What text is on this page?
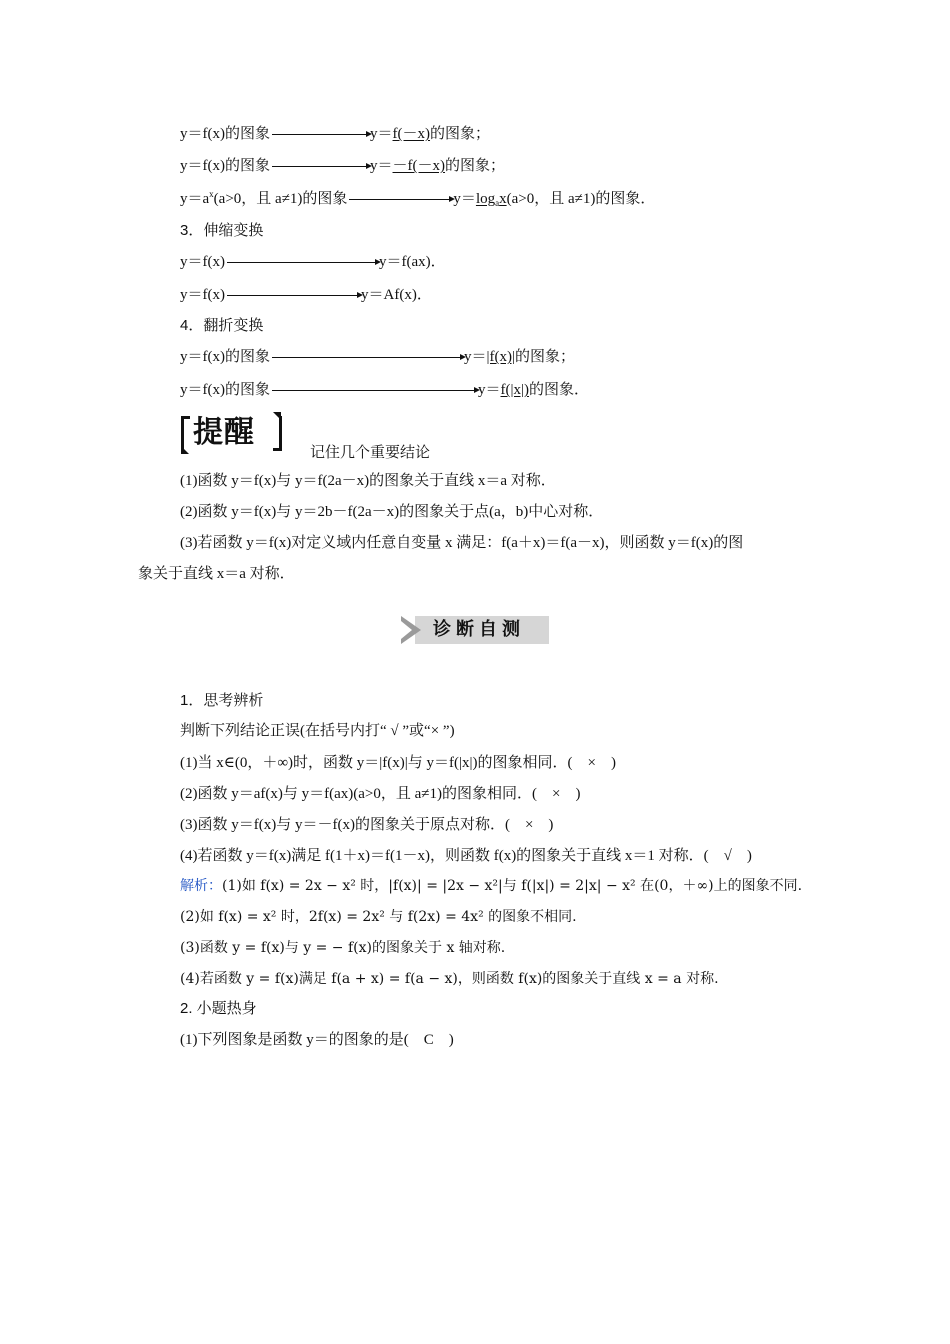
y＝f(x)的图象	y＝f(－x)的图象；
y＝f(x)的图象	y＝－f(－x)的图象；
$y=a^x(a>0$，且 a≠1)的图象	$y=\log_ax(a>0$，且 a≠1)的图象．
3．伸缩变换
y＝f(x)	y＝f(ax)．
y＝f(x)	y＝Af(x)．
4．翻折变换
y＝f(x)的图象	y＝|f(x)|的图象；
y＝f(x)的图象	y＝f(|x|)的图象．
提醒
记住几个重要结论
(1)函数 y＝f(x)与 y＝f(2a－x)的图象关于直线 x＝a 对称．
(2)函数 y＝f(x)与 y＝2b－f(2a－x)的图象关于点(a，b)中心对称．
(3)若函数 y＝f(x)对定义域内任意自变量 x 满足：f(a＋x)＝f(a－x)，则函数 y＝f(x)的图
象关于直线 x＝a 对称．
诊断自测
1．思考辨析
判断下列结论正误(在括号内打“ √ ”或“× ”)
(1)当 x∈(0，＋∞)时，函数 y＝|f(x)|与 y＝f(|x|)的图象相同．(　×　)
(2)函数 y＝af(x)与 y＝f(ax)(a>0，且 a≠1)的图象相同．(　×　)
(3)函数 y＝f(x)与 y＝－f(x)的图象关于原点对称．(　×　)
(4)若函数 y＝f(x)满足 f(1＋x)＝f(1－x)，则函数 f(x)的图象关于直线 x＝1 对称．(　√　)
解析：(1)如 f(x) = 2x − x² 时，|f(x)| = |2x − x²|与 f(|x|) = 2|x| − x² 在(0，＋∞)上的图象不同.
(2)如 f(x) = x² 时，2f(x) = 2x² 与 f(2x) = 4x² 的图象不相同.
(3)函数 y = f(x)与 y = − f(x)的图象关于 x 轴对称.
(4)若函数 y = f(x)满足 f(a + x) = f(a − x)，则函数 f(x)的图象关于直线 x = a 对称.
2. 小题热身
(1)下列图象是函数 y＝的图象的是(　C　)
